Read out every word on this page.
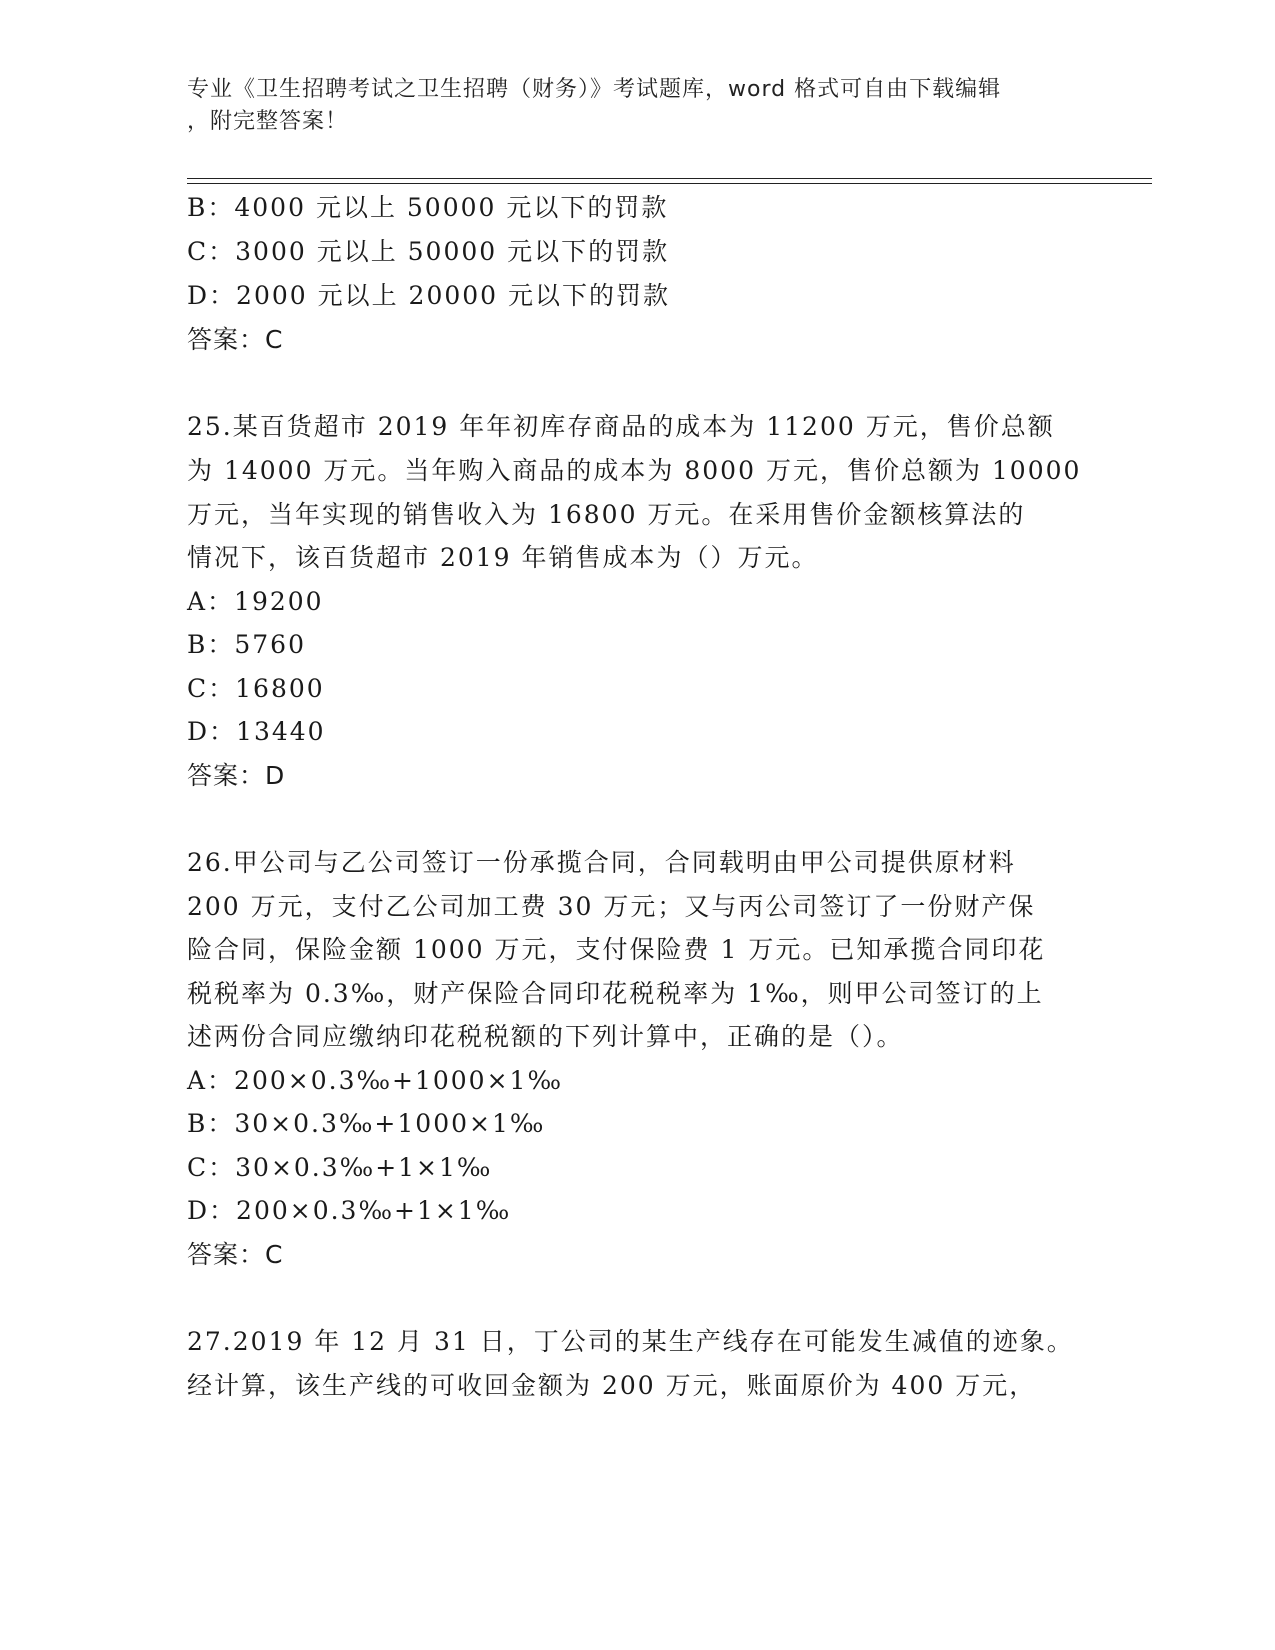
专业《卫生招聘考试之卫生招聘（财务）》考试题库，word 格式可自由下载编辑
，附完整答案！
B：4000 元以上 50000 元以下的罚款
C：3000 元以上 50000 元以下的罚款
D：2000 元以上 20000 元以下的罚款
答案：C
25.某百货超市 2019 年年初库存商品的成本为 11200 万元，售价总额
为 14000 万元。当年购入商品的成本为 8000 万元，售价总额为 10000
万元，当年实现的销售收入为 16800 万元。在采用售价金额核算法的
情况下，该百货超市 2019 年销售成本为（）万元。
A：19200
B：5760
C：16800
D：13440
答案：D
26.甲公司与乙公司签订一份承揽合同，合同载明由甲公司提供原材料
200 万元，支付乙公司加工费 30 万元；又与丙公司签订了一份财产保
险合同，保险金额 1000 万元，支付保险费 1 万元。已知承揽合同印花
税税率为 0.3‰，财产保险合同印花税税率为 1‰，则甲公司签订的上
述两份合同应缴纳印花税税额的下列计算中，正确的是（）。
A：200×0.3‰+1000×1‰
B：30×0.3‰+1000×1‰
C：30×0.3‰+1×1‰
D：200×0.3‰+1×1‰
答案：C
27.2019 年 12 月 31 日，丁公司的某生产线存在可能发生减值的迹象。
经计算，该生产线的可收回金额为 200 万元，账面原价为 400 万元，
